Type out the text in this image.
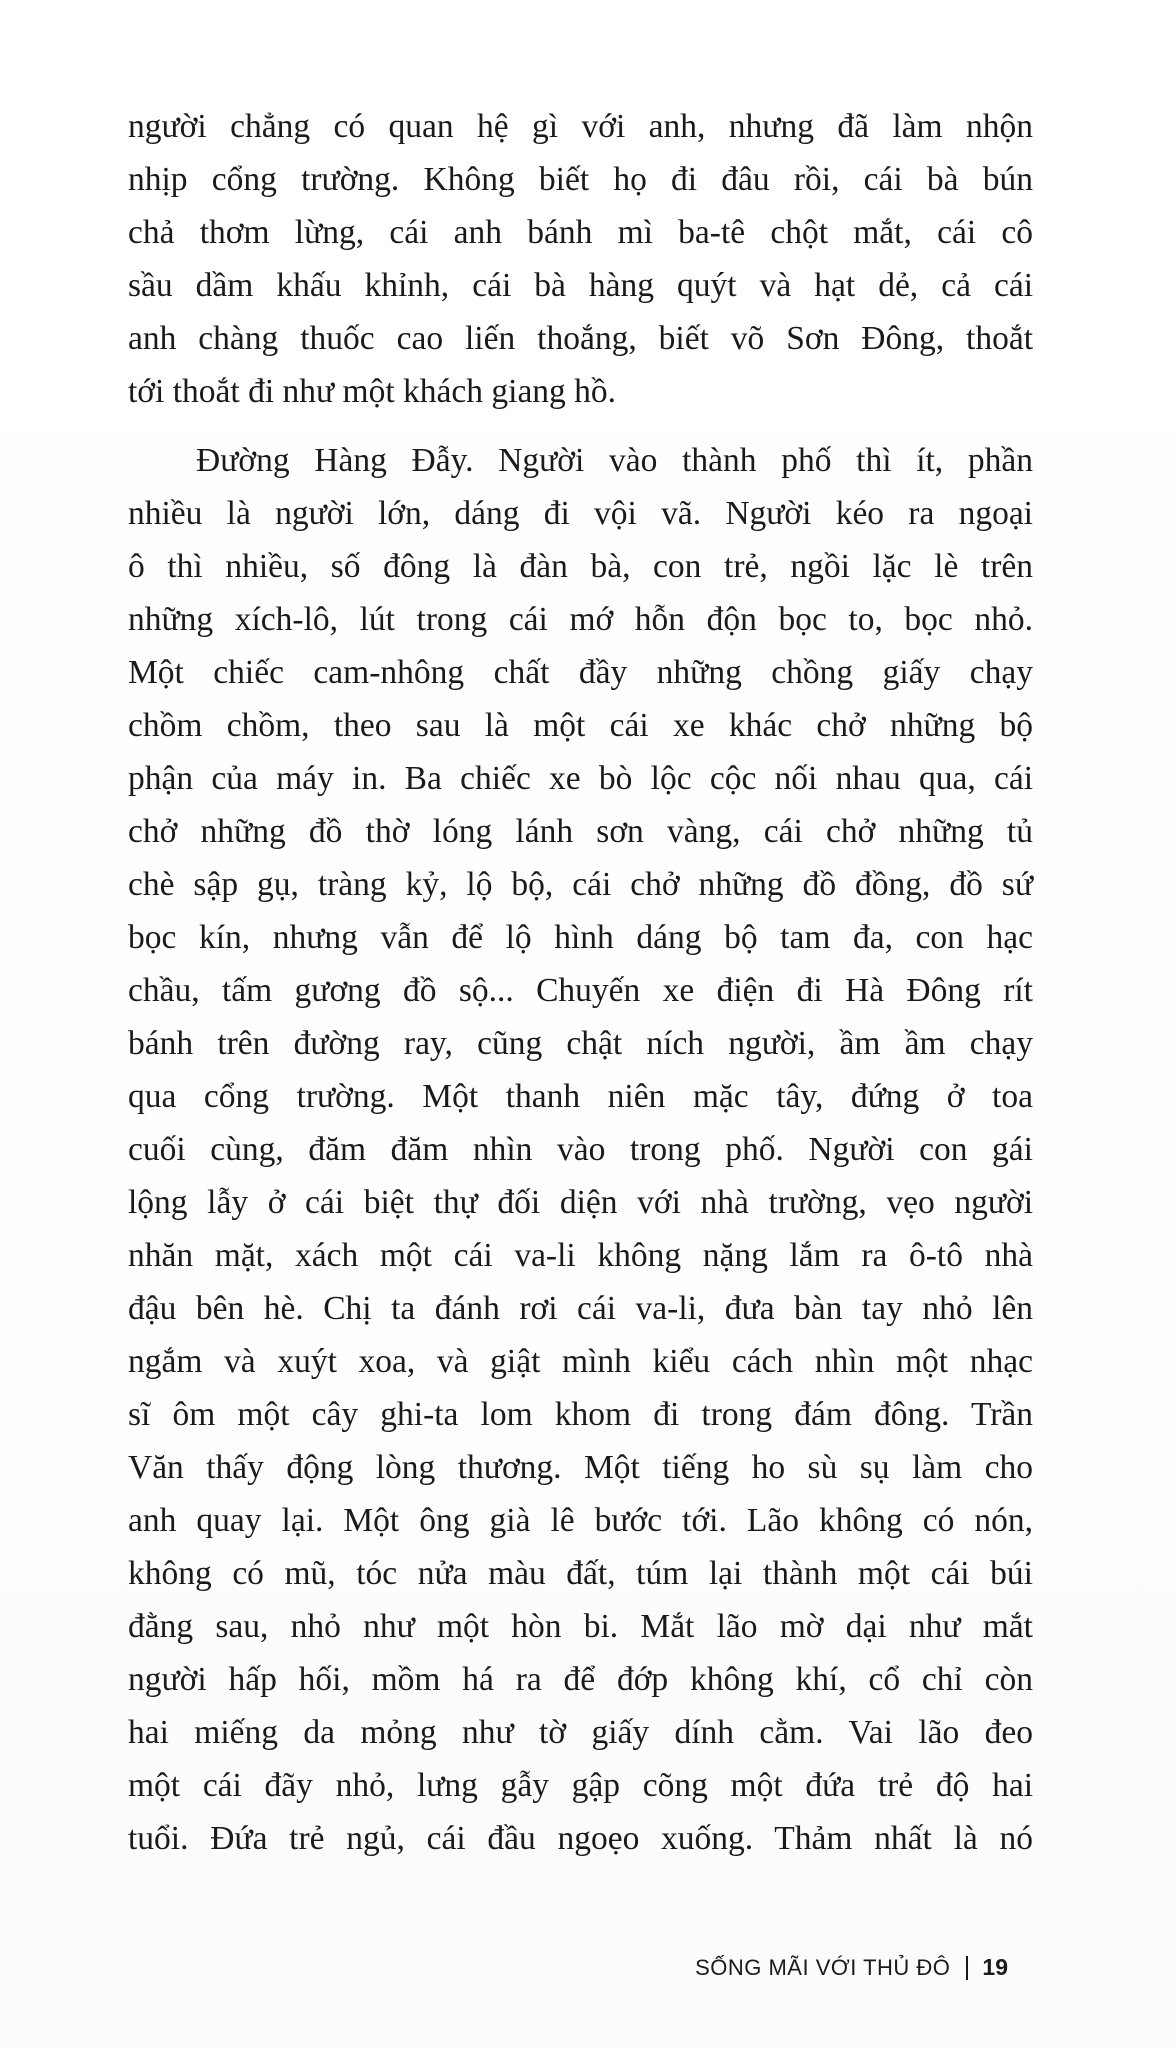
người chẳng có quan hệ gì với anh, nhưng đã làm nhộn
nhịp cổng trường. Không biết họ đi đâu rồi, cái bà bún
chả thơm lừng, cái anh bánh mì ba-tê chột mắt, cái cô
sầu dầm khấu khỉnh, cái bà hàng quýt và hạt dẻ, cả cái
anh chàng thuốc cao liến thoắng, biết võ Sơn Đông, thoắt
tới thoắt đi như một khách giang hồ.

Đường Hàng Đẫy. Người vào thành phố thì ít, phần
nhiều là người lớn, dáng đi vội vã. Người kéo ra ngoại
ô thì nhiều, số đông là đàn bà, con trẻ, ngồi lặc lè trên
những xích-lô, lút trong cái mớ hỗn độn bọc to, bọc nhỏ.
Một chiếc cam-nhông chất đầy những chồng giấy chạy
chồm chồm, theo sau là một cái xe khác chở những bộ
phận của máy in. Ba chiếc xe bò lộc cộc nối nhau qua, cái
chở những đồ thờ lóng lánh sơn vàng, cái chở những tủ
chè sập gụ, tràng kỷ, lộ bộ, cái chở những đồ đồng, đồ sứ
bọc kín, nhưng vẫn để lộ hình dáng bộ tam đa, con hạc
chầu, tấm gương đồ sộ... Chuyến xe điện đi Hà Đông rít
bánh trên đường ray, cũng chật ních người, ầm ầm chạy
qua cổng trường. Một thanh niên mặc tây, đứng ở toa
cuối cùng, đăm đăm nhìn vào trong phố. Người con gái
lộng lẫy ở cái biệt thự đối diện với nhà trường, vẹo người
nhăn mặt, xách một cái va-li không nặng lắm ra ô-tô nhà
đậu bên hè. Chị ta đánh rơi cái va-li, đưa bàn tay nhỏ lên
ngắm và xuýt xoa, và giật mình kiểu cách nhìn một nhạc
sĩ ôm một cây ghi-ta lom khom đi trong đám đông. Trần
Văn thấy động lòng thương. Một tiếng ho sù sụ làm cho
anh quay lại. Một ông già lê bước tới. Lão không có nón,
không có mũ, tóc nửa màu đất, túm lại thành một cái búi
đằng sau, nhỏ như một hòn bi. Mắt lão mờ dại như mắt
người hấp hối, mồm há ra để đớp không khí, cổ chỉ còn
hai miếng da mỏng như tờ giấy dính cằm. Vai lão đeo
một cái đãy nhỏ, lưng gẫy gập cõng một đứa trẻ độ hai
tuổi. Đứa trẻ ngủ, cái đầu ngoẹo xuống. Thảm nhất là nó

SỐNG MÃI VỚI THỦ ĐÔ 19
